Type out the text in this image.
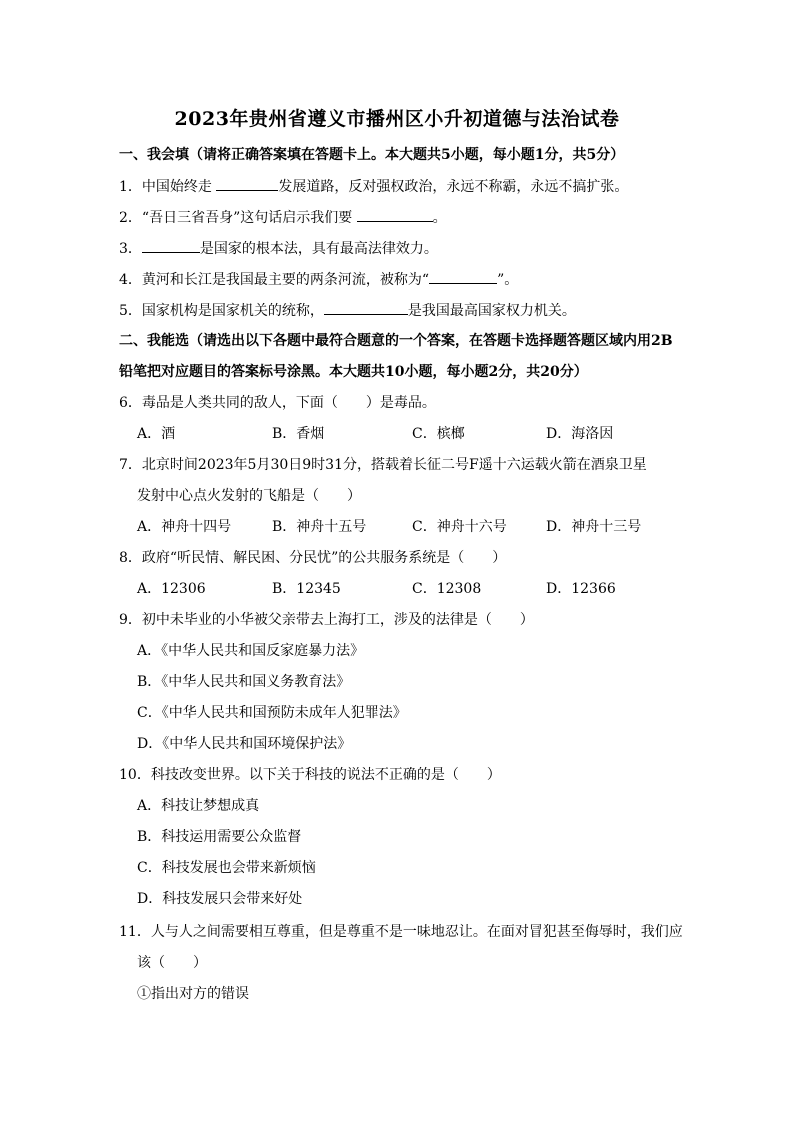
2023年贵州省遵义市播州区小升初道德与法治试卷
一、我会填（请将正确答案填在答题卡上。本大题共5小题，每小题1分，共5分）
1．中国始终走	发展道路，反对强权政治，永远不称霸，永远不搞扩张。
2．“吾日三省吾身”这句话启示我们要	。
3．	是国家的根本法，具有最高法律效力。
4．黄河和长江是我国最主要的两条河流，被称为“	”。
5．国家机构是国家机关的统称，	是我国最高国家权力机关。
二、我能选（请选出以下各题中最符合题意的一个答案，在答题卡选择题答题区域内用2B
铅笔把对应题目的答案标号涂黑。本大题共10小题，每小题2分，共20分）
6．毒品是人类共同的敌人，下面（　　）是毒品。
A．酒	B．香烟	C．槟榔	D．海洛因
7．北京时间2023年5月30日9时31分，搭载着长征二号F遥十六运载火箭在酒泉卫星
发射中心点火发射的飞船是（　　）
A．神舟十四号	B．神舟十五号	C．神舟十六号	D．神舟十三号
8．政府“听民情、解民困、分民忧”的公共服务系统是（　　）
A．12306	B．12345	C．12308	D．12366
9．初中未毕业的小华被父亲带去上海打工，涉及的法律是（　　）
A．《中华人民共和国反家庭暴力法》
B．《中华人民共和国义务教育法》
C．《中华人民共和国预防未成年人犯罪法》
D．《中华人民共和国环境保护法》
10．科技改变世界。以下关于科技的说法不正确的是（　　）
A．科技让梦想成真
B．科技运用需要公众监督
C．科技发展也会带来新烦恼
D．科技发展只会带来好处
11．人与人之间需要相互尊重，但是尊重不是一味地忍让。在面对冒犯甚至侮辱时，我们应
该（　　）
①指出对方的错误
